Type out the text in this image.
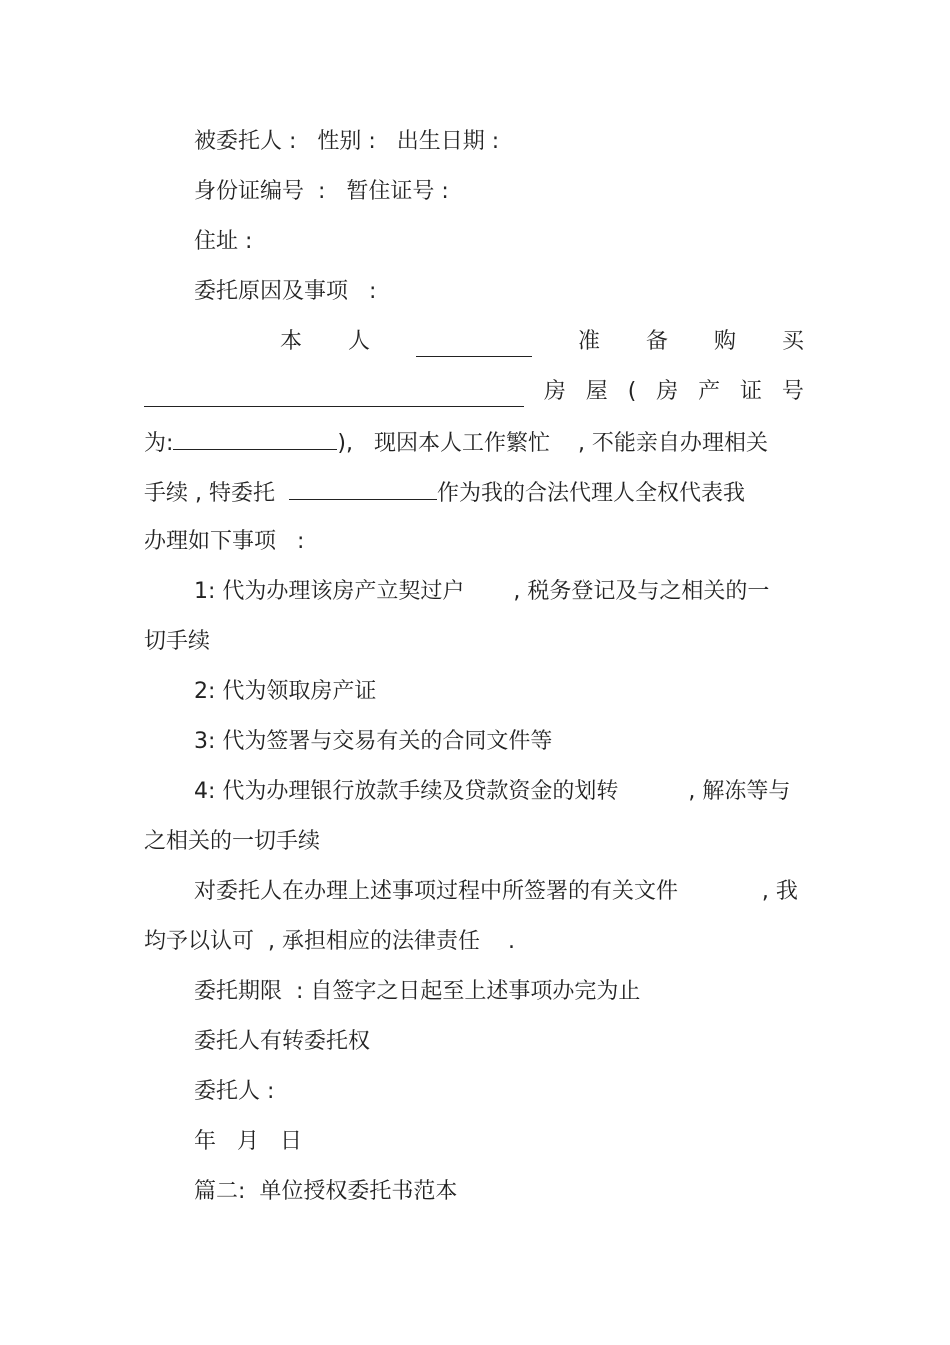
被委托人 :   性别 :   出生日期 :
身份证编号  :   暂住证号 :
住址 :
委托原因及事项   :
本 人	准 备 购 买
房 屋 ( 房 产 证 号
为:	),   现因本人工作繁忙    , 不能亲自办理相关
手续 , 特委托	作为我的合法代理人全权代表我
办理如下事项   :
1: 代为办理该房产立契过户       , 税务登记及与之相关的一
切手续
2: 代为领取房产证
3: 代为签署与交易有关的合同文件等
4: 代为办理银行放款手续及贷款资金的划转          , 解冻等与
之相关的一切手续
对委托人在办理上述事项过程中所签署的有关文件            , 我
均予以认可  , 承担相应的法律责任    .
委托期限  : 自签字之日起至上述事项办完为止
委托人有转委托权
委托人 :
年   月   日
篇二:  单位授权委托书范本
